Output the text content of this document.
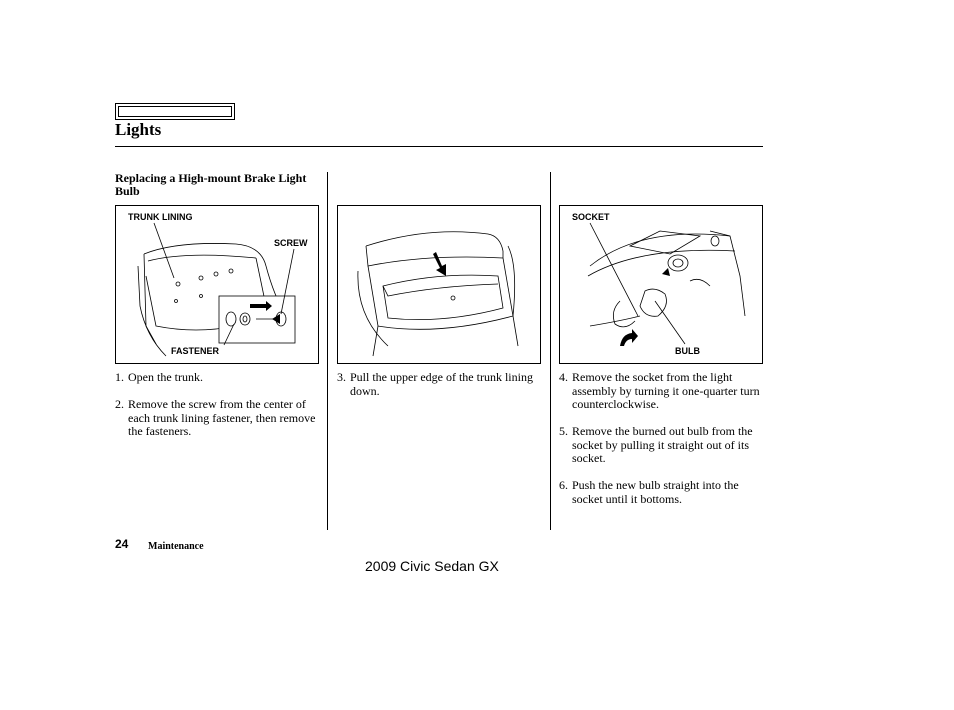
Lights
Replacing a High-mount Brake Light Bulb
TRUNK LINING
SCREW
FASTENER
SOCKET
BULB
1. Open the trunk.
2. Remove the screw from the center of each trunk lining fastener, then remove the fasteners.
3. Pull the upper edge of the trunk lining down.
4. Remove the socket from the light assembly by turning it one-quarter turn counterclockwise.
5. Remove the burned out bulb from the socket by pulling it straight out of its socket.
6. Push the new bulb straight into the socket until it bottoms.
24 Maintenance
2009 Civic Sedan GX
